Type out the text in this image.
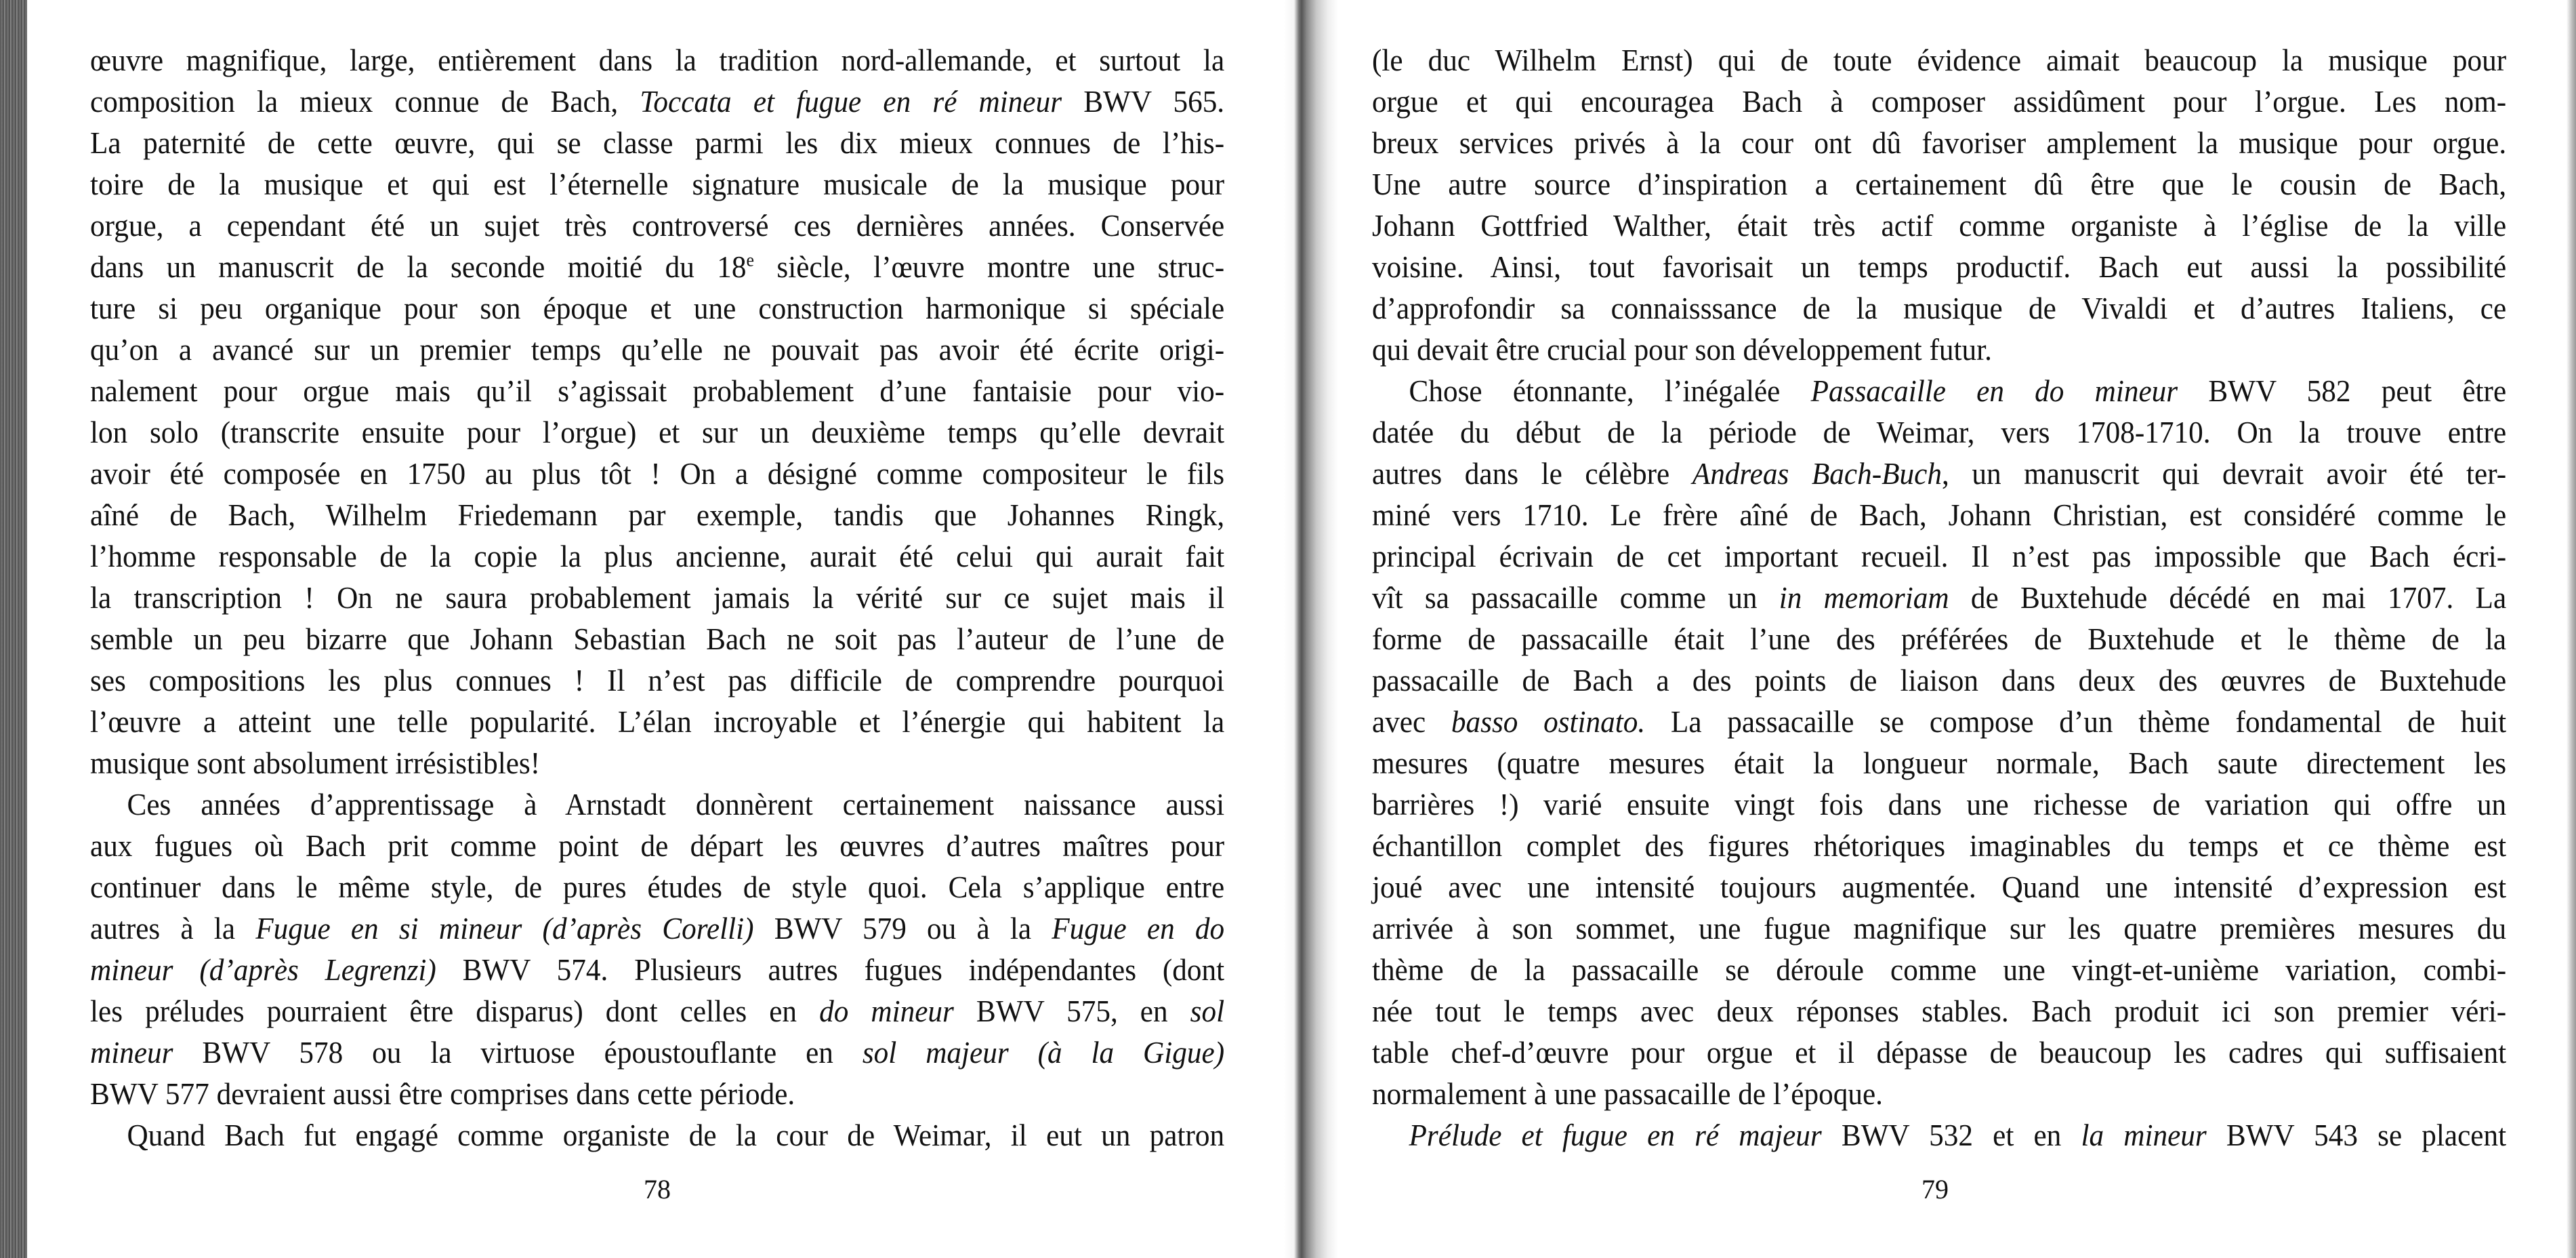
œuvre magnifique, large, entièrement dans la tradition nord-allemande, et surtout la
composition la mieux connue de Bach, Toccata et fugue en ré mineur BWV 565.
La paternité de cette œuvre, qui se classe parmi les dix mieux connues de l’his-
toire de la musique et qui est l’éternelle signature musicale de la musique pour
orgue, a cependant été un sujet très controversé ces dernières années. Conservée
dans un manuscrit de la seconde moitié du 18e siècle, l’œuvre montre une struc-
ture si peu organique pour son époque et une construction harmonique si spéciale
qu’on a avancé sur un premier temps qu’elle ne pouvait pas avoir été écrite origi-
nalement pour orgue mais qu’il s’agissait probablement d’une fantaisie pour vio-
lon solo (transcrite ensuite pour l’orgue) et sur un deuxième temps qu’elle devrait
avoir été composée en 1750 au plus tôt ! On a désigné comme compositeur le fils
aîné de Bach, Wilhelm Friedemann par exemple, tandis que Johannes Ringk,
l’homme responsable de la copie la plus ancienne, aurait été celui qui aurait fait
la transcription ! On ne saura probablement jamais la vérité sur ce sujet mais il
semble un peu bizarre que Johann Sebastian Bach ne soit pas l’auteur de l’une de
ses compositions les plus connues ! Il n’est pas difficile de comprendre pourquoi
l’œuvre a atteint une telle popularité. L’élan incroyable et l’énergie qui habitent la
musique sont absolument irrésistibles!
Ces années d’apprentissage à Arnstadt donnèrent certainement naissance aussi
aux fugues où Bach prit comme point de départ les œuvres d’autres maîtres pour
continuer dans le même style, de pures études de style quoi. Cela s’applique entre
autres à la Fugue en si mineur (d’après Corelli) BWV 579 ou à la Fugue en do
mineur (d’après Legrenzi) BWV 574. Plusieurs autres fugues indépendantes (dont
les préludes pourraient être disparus) dont celles en do mineur BWV 575, en sol
mineur BWV 578 ou la virtuose époustouflante en sol majeur (à la Gigue)
BWV 577 devraient aussi être comprises dans cette période.
Quand Bach fut engagé comme organiste de la cour de Weimar, il eut un patron
(le duc Wilhelm Ernst) qui de toute évidence aimait beaucoup la musique pour
orgue et qui encouragea Bach à composer assidûment pour l’orgue. Les nom-
breux services privés à la cour ont dû favoriser amplement la musique pour orgue.
Une autre source d’inspiration a certainement dû être que le cousin de Bach,
Johann Gottfried Walther, était très actif comme organiste à l’église de la ville
voisine. Ainsi, tout favorisait un temps productif. Bach eut aussi la possibilité
d’approfondir sa connaisssance de la musique de Vivaldi et d’autres Italiens, ce
qui devait être crucial pour son développement futur.
Chose étonnante, l’inégalée Passacaille en do mineur BWV 582 peut être
datée du début de la période de Weimar, vers 1708-1710. On la trouve entre
autres dans le célèbre Andreas Bach-Buch, un manuscrit qui devrait avoir été ter-
miné vers 1710. Le frère aîné de Bach, Johann Christian, est considéré comme le
principal écrivain de cet important recueil. Il n’est pas impossible que Bach écri-
vît sa passacaille comme un in memoriam de Buxtehude décédé en mai 1707. La
forme de passacaille était l’une des préférées de Buxtehude et le thème de la
passacaille de Bach a des points de liaison dans deux des œuvres de Buxtehude
avec basso ostinato. La passacaille se compose d’un thème fondamental de huit
mesures (quatre mesures était la longueur normale, Bach saute directement les
barrières !) varié ensuite vingt fois dans une richesse de variation qui offre un
échantillon complet des figures rhétoriques imaginables du temps et ce thème est
joué avec une intensité toujours augmentée. Quand une intensité d’expression est
arrivée à son sommet, une fugue magnifique sur les quatre premières mesures du
thème de la passacaille se déroule comme une vingt-et-unième variation, combi-
née tout le temps avec deux réponses stables. Bach produit ici son premier véri-
table chef-d’œuvre pour orgue et il dépasse de beaucoup les cadres qui suffisaient
normalement à une passacaille de l’époque.
Prélude et fugue en ré majeur BWV 532 et en la mineur BWV 543 se placent
78	79
